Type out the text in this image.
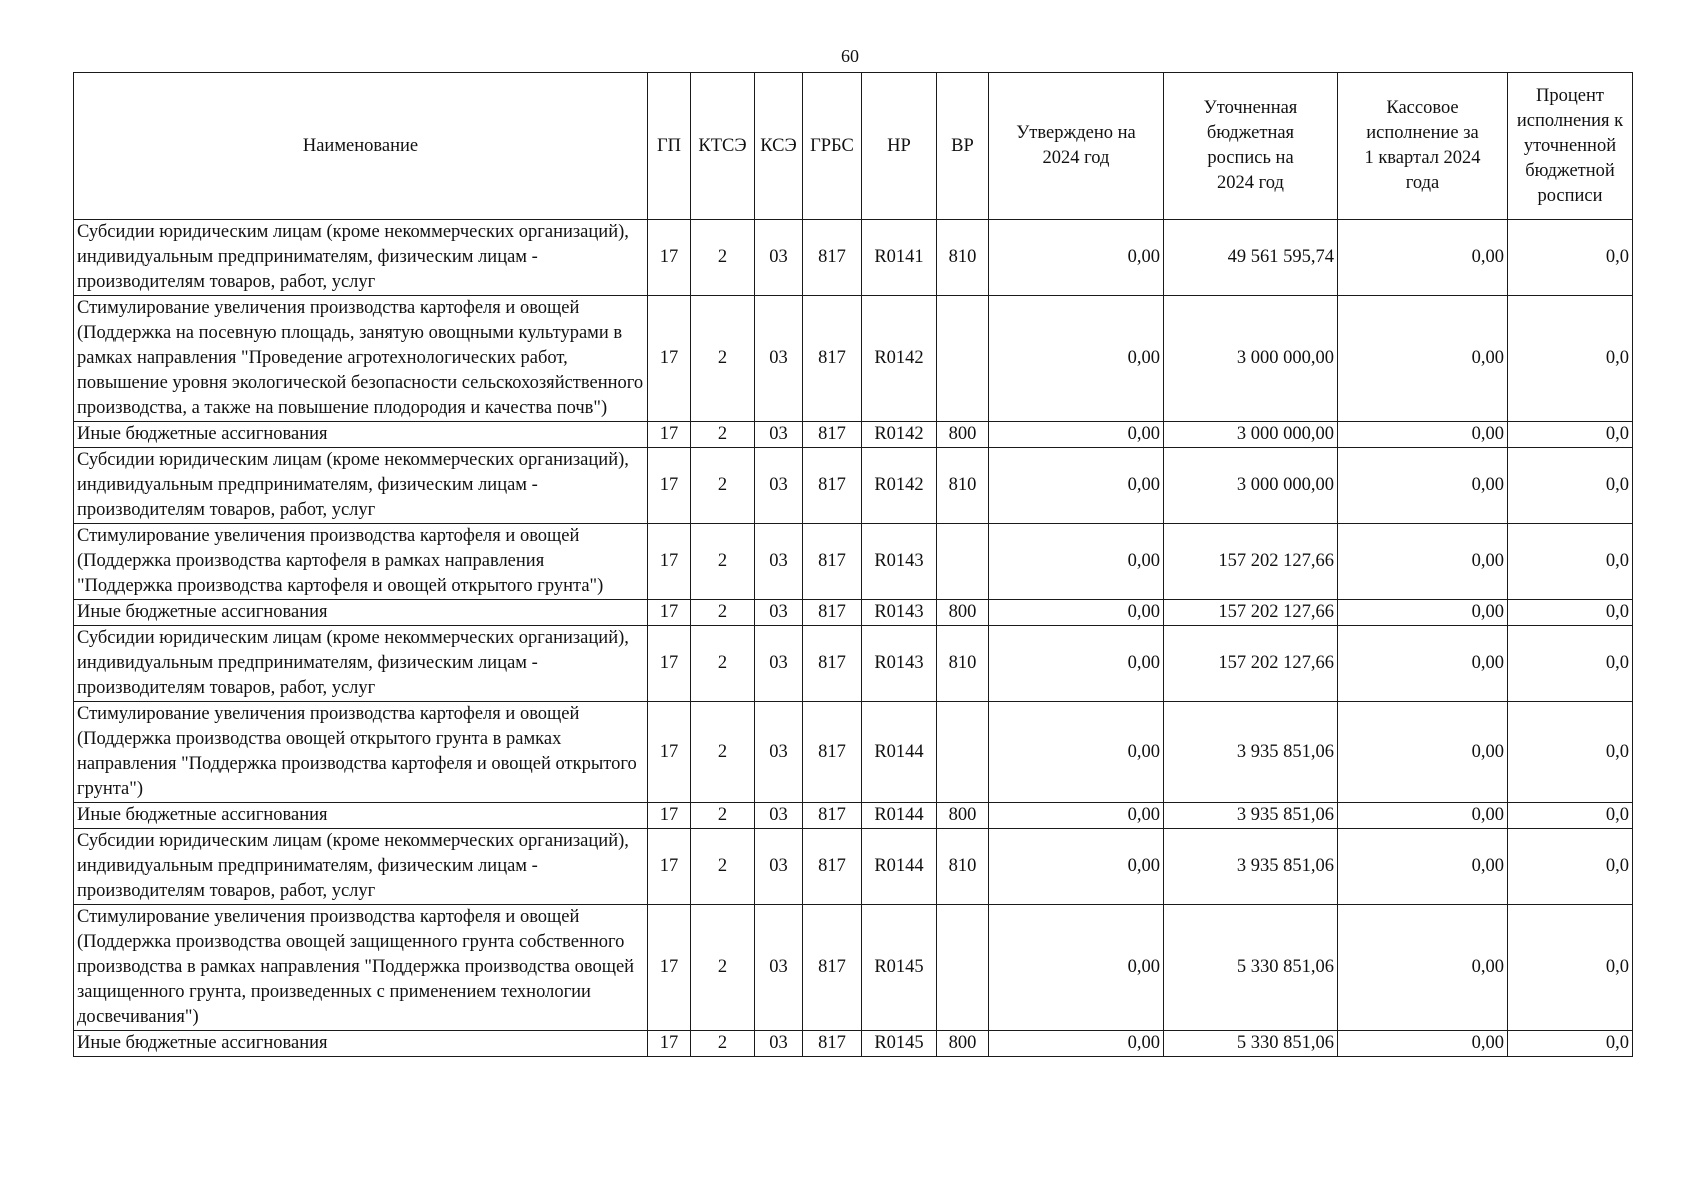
60
Наименование	ГП	КТСЭ	КСЭ	ГРБС	НР	ВР	Утверждено на 2024 год	Уточненная бюджетная роспись на 2024 год	Кассовое исполнение за 1 квартал 2024 года	Процент исполнения к уточненной бюджетной росписи
Субсидии юридическим лицам (кроме некоммерческих организаций), индивидуальным предпринимателям, физическим лицам - производителям товаров, работ, услуг	17	2	03	817	R0141	810	0,00	49 561 595,74	0,00	0,0
Стимулирование увеличения производства картофеля и овощей (Поддержка на посевную площадь, занятую овощными культурами в рамках направления "Проведение агротехнологических работ, повышение уровня экологической безопасности сельскохозяйственного производства, а также на повышение плодородия и качества почв")	17	2	03	817	R0142		0,00	3 000 000,00	0,00	0,0
Иные бюджетные ассигнования	17	2	03	817	R0142	800	0,00	3 000 000,00	0,00	0,0
Субсидии юридическим лицам (кроме некоммерческих организаций), индивидуальным предпринимателям, физическим лицам - производителям товаров, работ, услуг	17	2	03	817	R0142	810	0,00	3 000 000,00	0,00	0,0
Стимулирование увеличения производства картофеля и овощей (Поддержка производства картофеля в рамках направления "Поддержка производства картофеля и овощей открытого грунта")	17	2	03	817	R0143		0,00	157 202 127,66	0,00	0,0
Иные бюджетные ассигнования	17	2	03	817	R0143	800	0,00	157 202 127,66	0,00	0,0
Субсидии юридическим лицам (кроме некоммерческих организаций), индивидуальным предпринимателям, физическим лицам - производителям товаров, работ, услуг	17	2	03	817	R0143	810	0,00	157 202 127,66	0,00	0,0
Стимулирование увеличения производства картофеля и овощей (Поддержка производства овощей открытого грунта в рамках направления "Поддержка производства картофеля и овощей открытого грунта")	17	2	03	817	R0144		0,00	3 935 851,06	0,00	0,0
Иные бюджетные ассигнования	17	2	03	817	R0144	800	0,00	3 935 851,06	0,00	0,0
Субсидии юридическим лицам (кроме некоммерческих организаций), индивидуальным предпринимателям, физическим лицам - производителям товаров, работ, услуг	17	2	03	817	R0144	810	0,00	3 935 851,06	0,00	0,0
Стимулирование увеличения производства картофеля и овощей (Поддержка производства овощей защищенного грунта собственного производства в рамках направления "Поддержка производства овощей защищенного грунта, произведенных с применением технологии досвечивания")	17	2	03	817	R0145		0,00	5 330 851,06	0,00	0,0
Иные бюджетные ассигнования	17	2	03	817	R0145	800	0,00	5 330 851,06	0,00	0,0
